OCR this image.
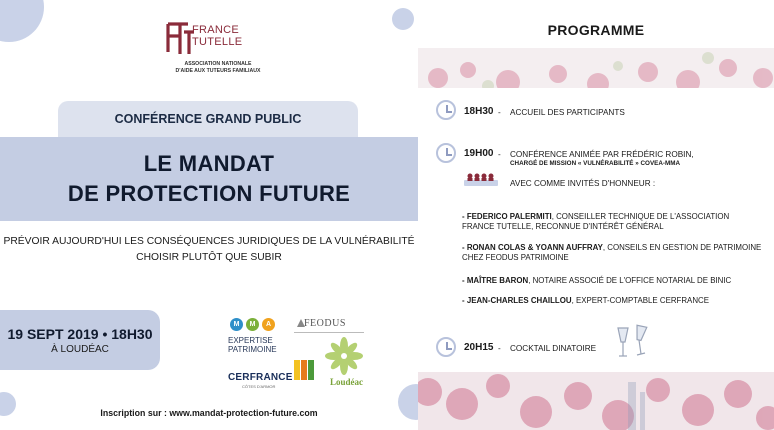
FRANCE
TUTELLE
ASSOCIATION NATIONALE
D'AIDE AUX TUTEURS FAMILIAUX
CONFÉRENCE GRAND PUBLIC
LE MANDAT
DE PROTECTION FUTURE
PRÉVOIR AUJOURD'HUI LES CONSÉQUENCES JURIDIQUES DE LA VULNÉRABILITÉ
CHOISIR PLUTÔT QUE SUBIR
19 SEPT 2019 • 18H30
À LOUDÉAC
M	M	A
EXPERTISE
PATRIMOINE
FEODUS
CERFRANCE
CÔTES D'ARMOR	Loudéac
Inscription sur : www.mandat-protection-future.com
PROGRAMME
18H30 - ACCUEIL DES PARTICIPANTS
19H00 - CONFÉRENCE ANIMÉE PAR FRÉDÉRIC ROBIN,
CHARGÉ DE MISSION « VULNÉRABILITÉ » COVEA-MMA
AVEC COMME INVITÉS D'HONNEUR :
- FEDERICO PALERMITI, CONSEILLER TECHNIQUE DE L'ASSOCIATION
FRANCE TUTELLE, RECONNUE D'INTÉRÊT GÉNÉRAL
- RONAN COLAS & YOANN AUFFRAY, CONSEILS EN GESTION DE PATRIMOINE
CHEZ FEODUS PATRIMOINE
- MAÎTRE BARON, NOTAIRE ASSOCIÉ DE L'OFFICE NOTARIAL DE BINIC
- JEAN-CHARLES CHAILLOU, EXPERT-COMPTABLE CERFRANCE
20H15 - COCKTAIL DINATOIRE
